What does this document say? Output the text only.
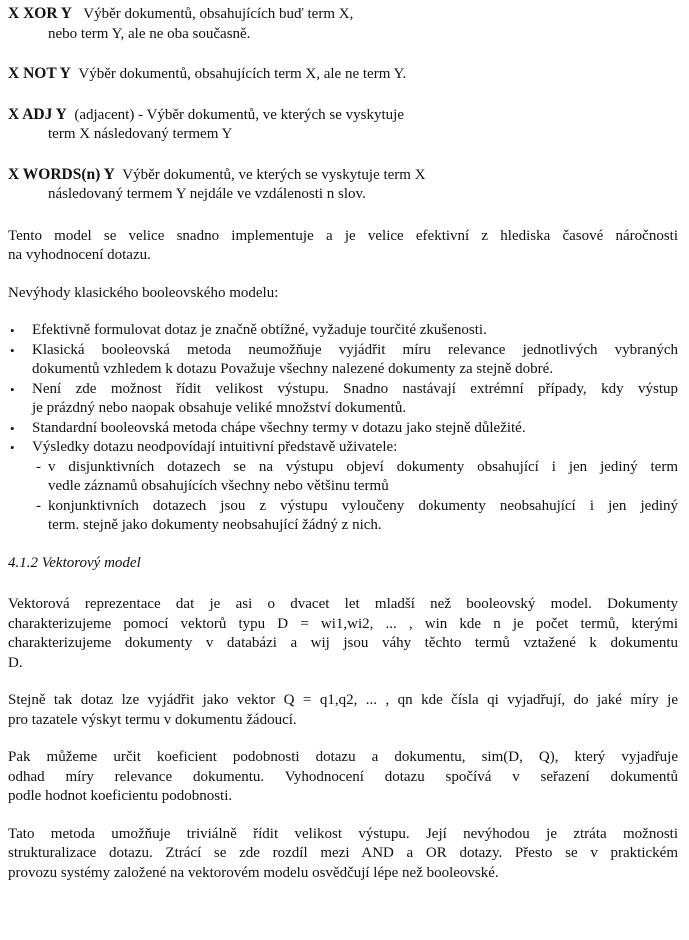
X XOR Y Výběr dokumentů, obsahujících buď term X,

nebo term Y, ale ne oba současně.

X NOT Y Výběr dokumentů, obsahujících term X, ale ne term Y.

X ADJ Y (adjacent) - Výběr dokumentů, ve kterých se vyskytuje

term X následovaný termem Y

X WORDS(n) Y Výběr dokumentů, ve kterých se vyskytuje term X

následovaný termem Y nejdále ve vzdálenosti n slov.

Tento model se velice snadno implementuje a je velice efektivní z hlediska časové náročnosti
na vyhodnocení dotazu.

Nevýhody klasického booleovského modelu:

• Efektivně formulovat dotaz je značně obtížné, vyžaduje tourčité zkušenosti.
• Klasická booleovská metoda neumožňuje vyjádřit míru relevance jednotlivých vybraných
dokumentů vzhledem k dotazu Považuje všechny nalezené dokumenty za stejně dobré.
• Není zde možnost řídit velikost výstupu. Snadno nastávají extrémní případy, kdy výstup
je prázdný nebo naopak obsahuje veliké množství dokumentů.
• Standardní booleovská metoda chápe všechny termy v dotazu jako stejně důležité.
• Výsledky dotazu neodpovídají intuitivní představě uživatele:
- v disjunktivních dotazech se na výstupu objeví dokumenty obsahující i jen jediný term
vedle záznamů obsahujících všechny nebo většinu termů
- konjunktivních dotazech jsou z výstupu vyloučeny dokumenty neobsahující i jen jediný
term. stejně jako dokumenty neobsahující žádný z nich.

4.1.2 Vektorový model

Vektorová reprezentace dat je asi o dvacet let mladší než booleovský model. Dokumenty
charakterizujeme pomocí vektorů typu D = wi1,wi2, ... , win kde n je počet termů, kterými
charakterizujeme dokumenty v databázi a wij jsou váhy těchto termů vztažené k dokumentu
D.
Stejně tak dotaz lze vyjádřit jako vektor Q = q1,q2, ... , qn kde čísla qi vyjadřují, do jaké míry je
pro tazatele výskyt termu v dokumentu žádoucí.
Pak můžeme určit koeficient podobnosti dotazu a dokumentu, sim(D, Q), který vyjadřuje
odhad míry relevance dokumentu. Vyhodnocení dotazu spočívá v seřazení dokumentů
podle hodnot koeficientu podobnosti.
Tato metoda umožňuje triviálně řídit velikost výstupu. Její nevýhodou je ztráta možnosti
strukturalizace dotazu. Ztrácí se zde rozdíl mezi AND a OR dotazy. Přesto se v praktickém
provozu systémy založené na vektorovém modelu osvědčují lépe než booleovské.
